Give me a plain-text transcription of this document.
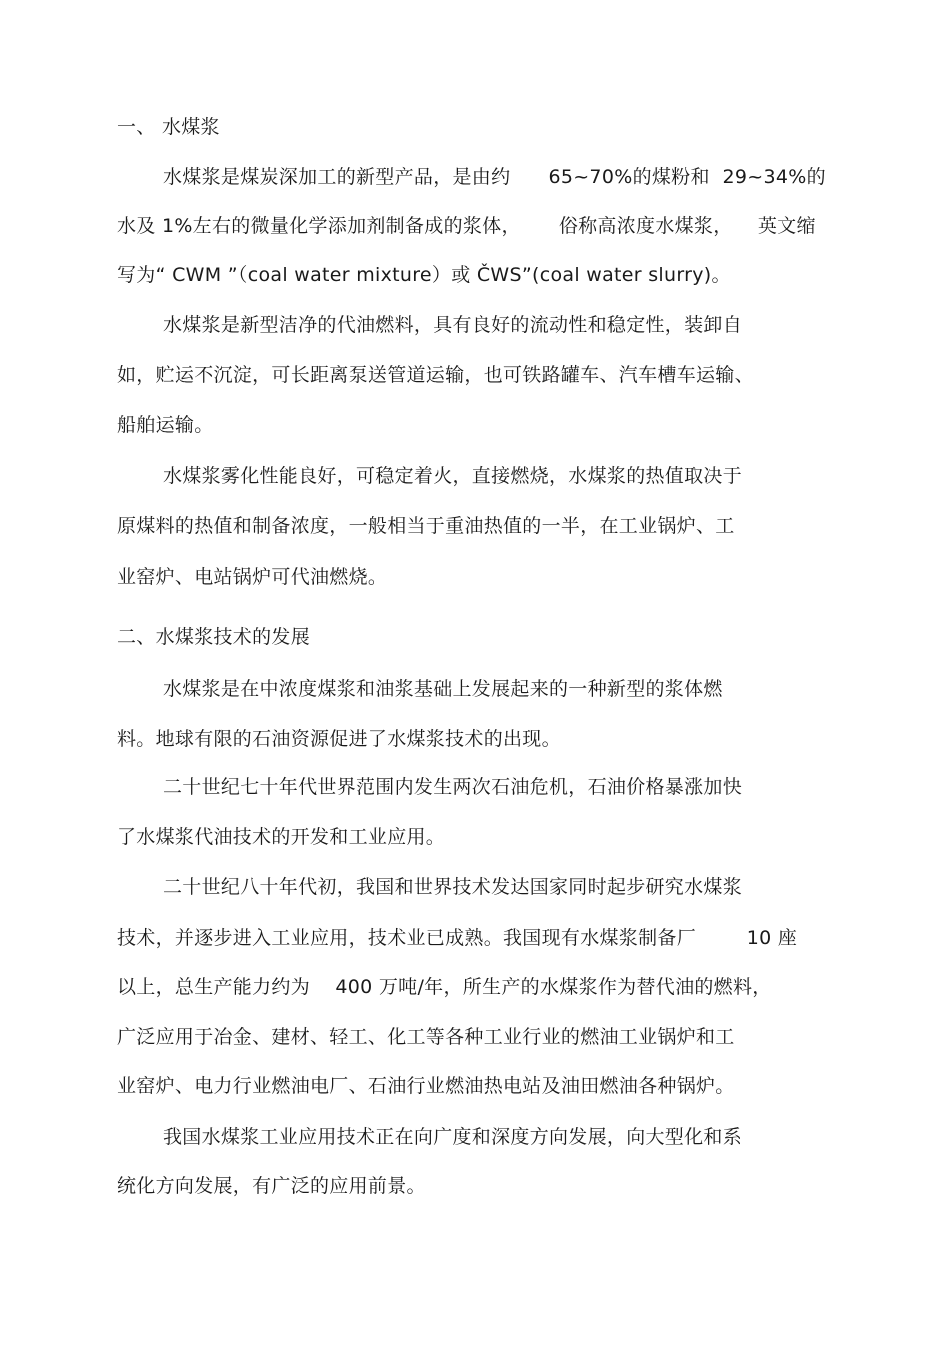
一、 水煤浆
水煤浆是煤炭深加工的新型产品，是由约      65~70%的煤粉和  29~34%的
水及 1%左右的微量化学添加剂制备成的浆体，      俗称高浓度水煤浆，    英文缩
写为“ CWM ”（coal water mixture）或 ČWS”(coal water slurry)。
水煤浆是新型洁净的代油燃料，具有良好的流动性和稳定性，装卸自
如，贮运不沉淀，可长距离泵送管道运输，也可铁路罐车、汽车槽车运输、
船舶运输。
水煤浆雾化性能良好，可稳定着火，直接燃烧，水煤浆的热值取决于
原煤料的热值和制备浓度，一般相当于重油热值的一半，在工业锅炉、工
业窑炉、电站锅炉可代油燃烧。
二、水煤浆技术的发展
水煤浆是在中浓度煤浆和油浆基础上发展起来的一种新型的浆体燃
料。地球有限的石油资源促进了水煤浆技术的出现。
二十世纪七十年代世界范围内发生两次石油危机，石油价格暴涨加快
了水煤浆代油技术的开发和工业应用。
二十世纪八十年代初，我国和世界技术发达国家同时起步研究水煤浆
技术，并逐步进入工业应用，技术业已成熟。我国现有水煤浆制备厂        10 座
以上，总生产能力约为    400 万吨/年，所生产的水煤浆作为替代油的燃料，
广泛应用于冶金、建材、轻工、化工等各种工业行业的燃油工业锅炉和工
业窑炉、电力行业燃油电厂、石油行业燃油热电站及油田燃油各种锅炉。
我国水煤浆工业应用技术正在向广度和深度方向发展，向大型化和系
统化方向发展，有广泛的应用前景。
